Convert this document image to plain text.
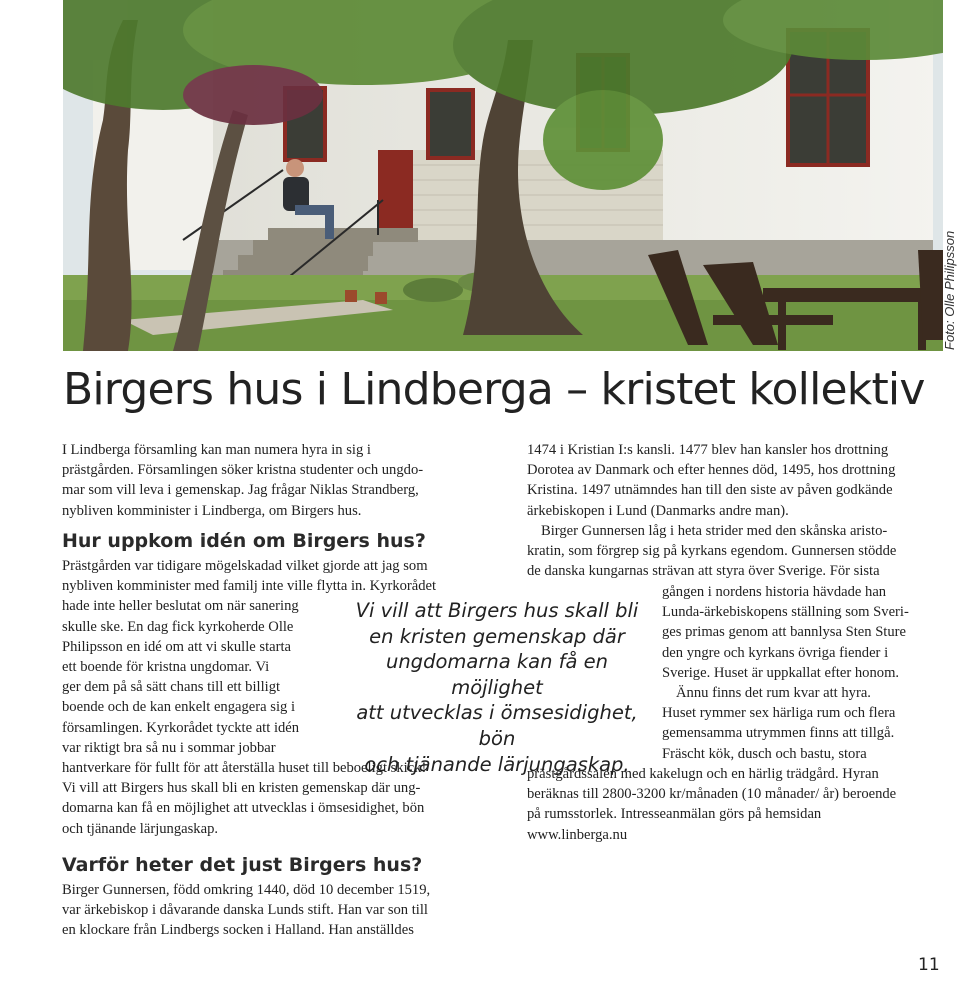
Foto: Olle Philipsson
Birgers hus i Lindberga – kristet kollektiv
I Lindberga församling kan man numera hyra in sig i
prästgården. Församlingen söker kristna studenter och ungdo-
mar som vill leva i gemenskap. Jag frågar Niklas Strandberg,
nybliven komminister i Lindberga, om Birgers hus.
Hur uppkom idén om Birgers hus?
Prästgården var tidigare mögelskadad vilket gjorde att jag som
nybliven komminister med familj inte ville flytta in. Kyrkorådet
hade inte heller beslutat om när sanering
skulle ske. En dag fick kyrkoherde Olle
Philipsson en idé om att vi skulle starta
ett boende för kristna ungdomar. Vi
ger dem på så sätt chans till ett billigt
boende och de kan enkelt engagera sig i
församlingen. Kyrkorådet tyckte att idén
var riktigt bra så nu i sommar jobbar
hantverkare för fullt för att återställa huset till beboeligt skick!
Vi vill att Birgers hus skall bli en kristen gemenskap där ung-
domarna kan få en möjlighet att utvecklas i ömsesidighet, bön
och tjänande lärjungaskap.
Varför heter det just Birgers hus?
Birger Gunnersen, född omkring 1440, död 10 december 1519,
var ärkebiskop i dåvarande danska Lunds stift. Han var son till
en klockare från Lindbergs socken i Halland. Han anställdes
Vi vill att Birgers hus skall bli
en kristen gemenskap där
ungdomarna kan få en möjlighet
att utvecklas i ömsesidighet, bön
och tjänande lärjungaskap.
1474 i Kristian I:s kansli. 1477 blev han kansler hos drottning
Dorotea av Danmark och efter hennes död, 1495, hos drottning
Kristina. 1497 utnämndes han till den siste av påven godkände
ärkebiskopen i Lund (Danmarks andre man).
Birger Gunnersen låg i heta strider med den skånska aristo-
kratin, som förgrep sig på kyrkans egendom. Gunnersen stödde
de danska kungarnas strävan att styra över Sverige. För sista
gången i nordens historia hävdade han
Lunda-ärkebiskopens ställning som Sveri-
ges primas genom att bannlysa Sten Sture
den yngre och kyrkans övriga fiender i
Sverige. Huset är uppkallat efter honom.
Ännu finns det rum kvar att hyra.
Huset rymmer sex härliga rum och flera
gemensamma utrymmen finns att tillgå.
Fräscht kök, dusch och bastu, stora
prästgårdssalen med kakelugn och en härlig trädgård. Hyran
beräknas till 2800-3200 kr/månaden (10 månader/ år) beroende
på rumsstorlek. Intresseanmälan görs på hemsidan
www.linberga.nu
11
